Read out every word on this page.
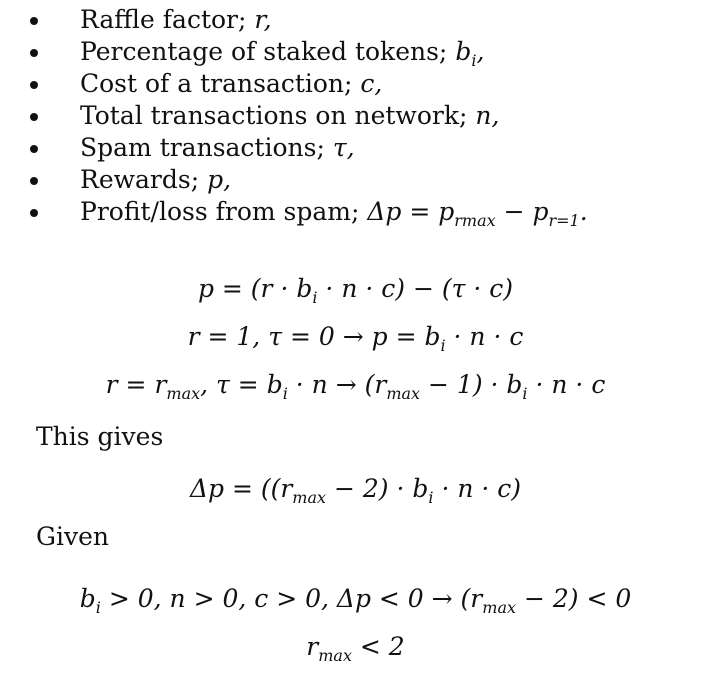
Raffle factor; r,
Percentage of staked tokens; $b_i$,
Cost of a transaction; c,
Total transactions on network; n,
Spam transactions; τ,
Rewards; p,
Profit/loss from spam; $\Delta p = p_{rmax} - p_{r=1}$.
$p = (r \cdot b_i \cdot n \cdot c) - (\tau \cdot c)$
r = 1, $\tau = 0 \to p = b_i \cdot n \cdot c$
$r = r_{max}$, $\tau = b_i \cdot n \to (r_{max} - 1) \cdot b_i \cdot n \cdot c$
This gives
$\Delta p = ((r_{max} - 2) \cdot b_i \cdot n \cdot c)$
Given
$b_i > 0$, n > 0, c > 0, $\Delta p < 0 \to (r_{max} - 2) < 0$
$r_{max} < 2$
